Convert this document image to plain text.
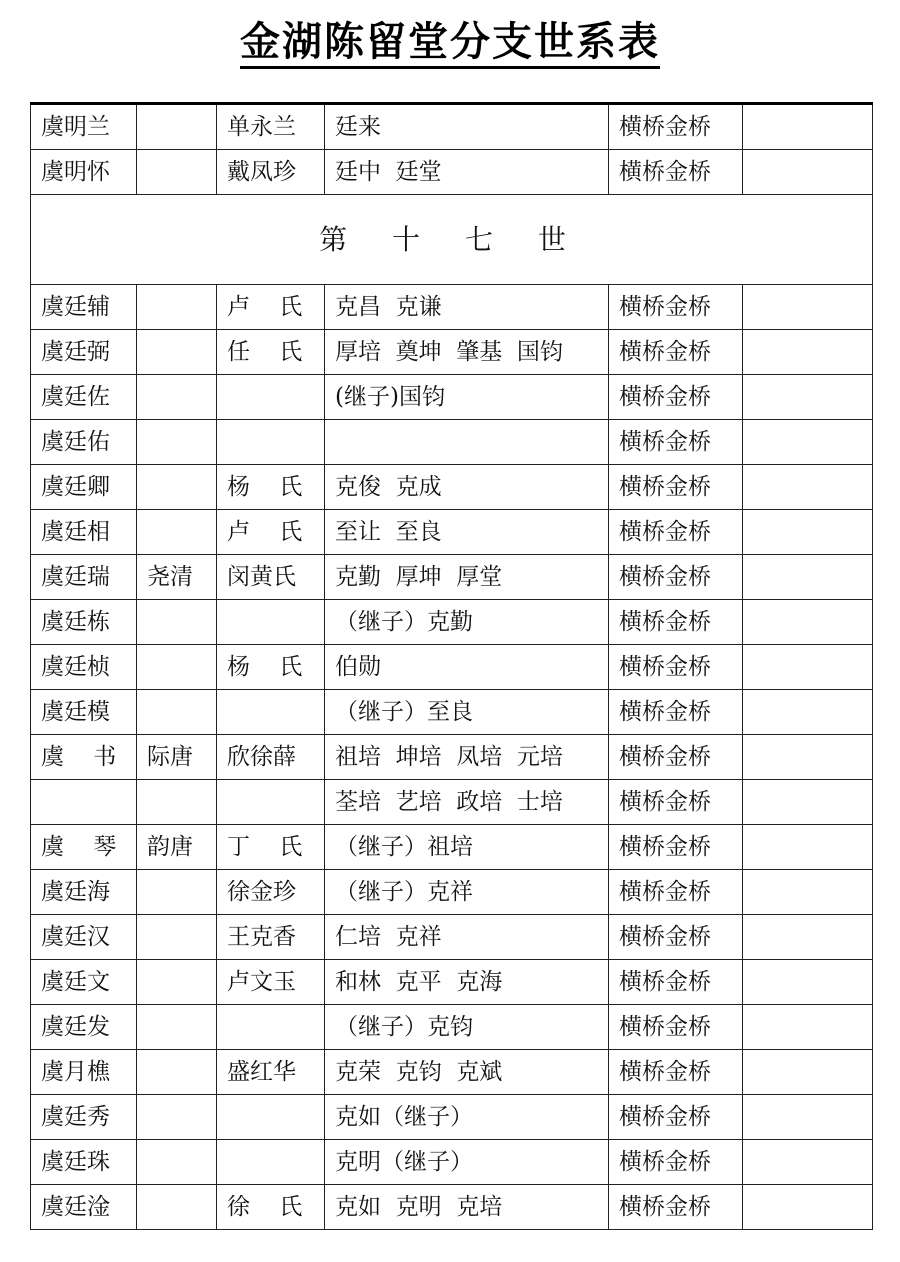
金湖陈留堂分支世系表
虞明兰		单永兰	廷来	横桥金桥	
虞明怀		戴凤珍	廷中  廷堂	横桥金桥	
第 十 七 世					
虞廷辅		卢    氏	克昌  克谦	横桥金桥	
虞廷弼		任    氏	厚培  奠坤  肇基  国钧	横桥金桥	
虞廷佐			(继子)国钧	横桥金桥	
虞廷佑				横桥金桥	
虞廷卿		杨    氏	克俊  克成	横桥金桥	
虞廷相		卢    氏	至让  至良	横桥金桥	
虞廷瑞	尧清	闵黄氏	克勤  厚坤  厚堂	横桥金桥	
虞廷栋			（继子）克勤	横桥金桥	
虞廷桢		杨    氏	伯勋	横桥金桥	
虞廷模			（继子）至良	横桥金桥	
虞    书	际唐	欣徐薛	祖培  坤培  凤培  元培	横桥金桥	
			荃培  艺培  政培  士培	横桥金桥	
虞    琴	韵唐	丁    氏	（继子）祖培	横桥金桥	
虞廷海		徐金珍	（继子）克祥	横桥金桥	
虞廷汉		王克香	仁培  克祥	横桥金桥	
虞廷文		卢文玉	和林  克平  克海	横桥金桥	
虞廷发			（继子）克钧	横桥金桥	
虞月樵		盛红华	克荣  克钧  克斌	横桥金桥	
虞廷秀			克如（继子）	横桥金桥	
虞廷珠			克明（继子）	横桥金桥	
虞廷淦		徐    氏	克如  克明  克培	横桥金桥	
